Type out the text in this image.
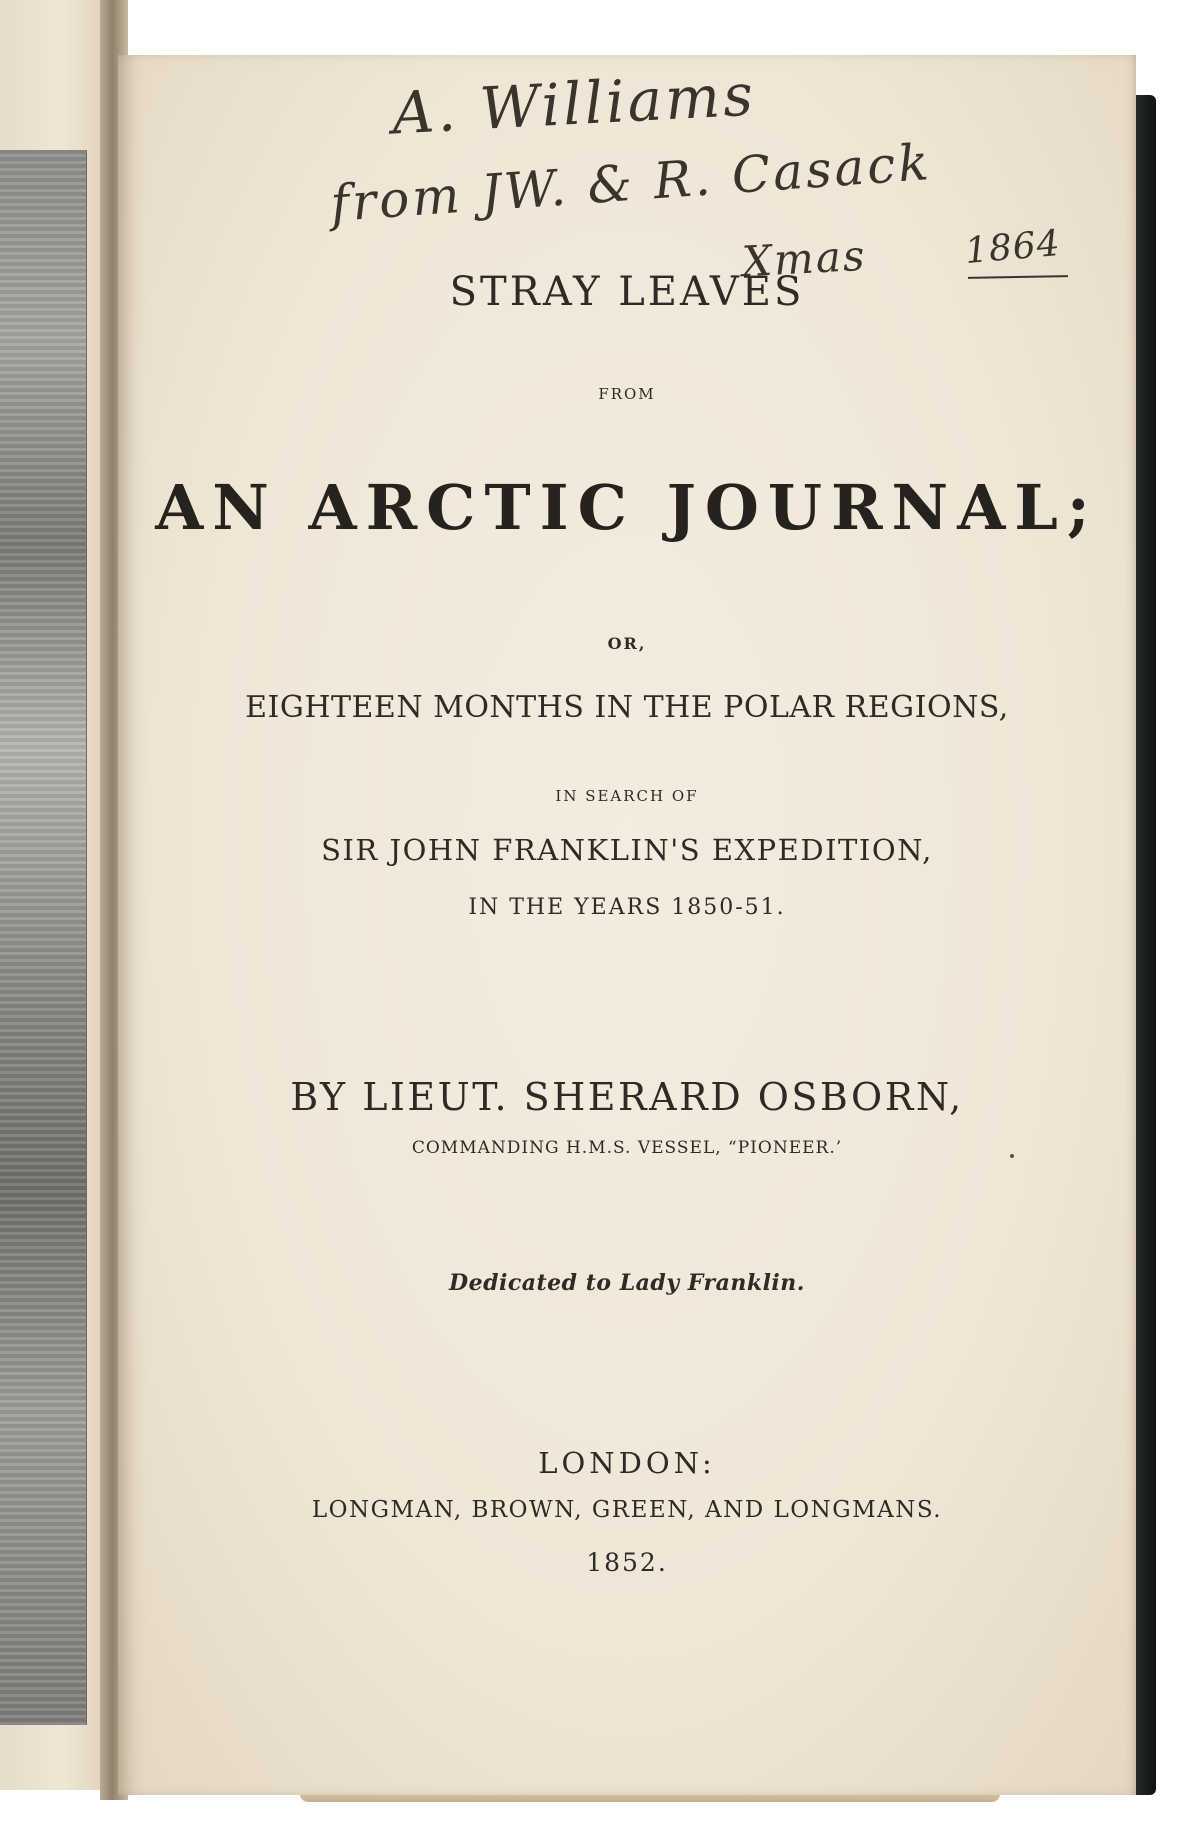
A. Williams
from JW. & R. Casack
Xmas	1864
STRAY LEAVES
FROM
AN ARCTIC JOURNAL;
OR,
EIGHTEEN MONTHS IN THE POLAR REGIONS,
IN SEARCH OF
SIR JOHN FRANKLIN'S EXPEDITION,
IN THE YEARS 1850-51.
BY LIEUT. SHERARD OSBORN,
COMMANDING H.M.S. VESSEL, “PIONEER.’
Dedicated to Lady Franklin.
LONDON:
LONGMAN, BROWN, GREEN, AND LONGMANS.
1852.
